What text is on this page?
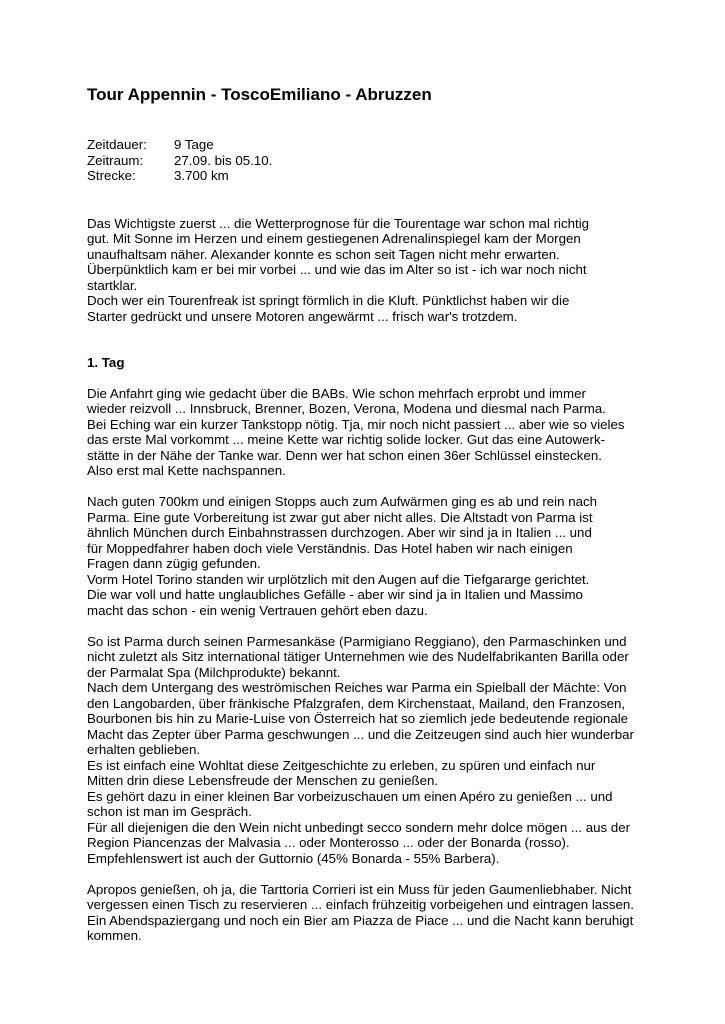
Tour Appennin - ToscoEmiliano - Abruzzen
Zeitdauer:	9 Tage
Zeitraum:	27.09. bis 05.10.
Strecke:	3.700 km

Das Wichtigste zuerst ... die Wetterprognose für die Tourentage war schon mal richtig
gut. Mit Sonne im Herzen und einem gestiegenen Adrenalinspiegel kam der Morgen
unaufhaltsam näher. Alexander konnte es schon seit Tagen nicht mehr erwarten.
Überpünktlich kam er bei mir vorbei ... und wie das im Alter so ist - ich war noch nicht
startklar.
Doch wer ein Tourenfreak ist springt förmlich in die Kluft. Pünktlichst haben wir die
Starter gedrückt und unsere Motoren angewärmt ... frisch war's trotzdem.

1. Tag

Die Anfahrt ging wie gedacht über die BABs. Wie schon mehrfach erprobt und immer
wieder reizvoll ... Innsbruck, Brenner, Bozen, Verona, Modena und diesmal nach Parma.
Bei Eching war ein kurzer Tankstopp nötig. Tja, mir noch nicht passiert ... aber wie so vieles
das erste Mal vorkommt ... meine Kette war richtig solide locker. Gut das eine Autowerk-
stätte in der Nähe der Tanke war. Denn wer hat schon einen 36er Schlüssel einstecken.
Also erst mal Kette nachspannen.

Nach guten 700km und einigen Stopps auch zum Aufwärmen ging es ab und rein nach
Parma. Eine gute Vorbereitung ist zwar gut aber nicht alles. Die Altstadt von Parma ist
ähnlich München durch Einbahnstrassen durchzogen. Aber wir sind ja in Italien ... und
für Moppedfahrer haben doch viele Verständnis. Das Hotel haben wir nach einigen
Fragen dann zügig gefunden.
Vorm Hotel Torino standen wir urplötzlich mit den Augen auf die Tiefgararge gerichtet.
Die war voll und hatte unglaubliches Gefälle - aber wir sind ja in Italien und Massimo
macht das schon - ein wenig Vertrauen gehört eben dazu.

So ist Parma durch seinen Parmesankäse (Parmigiano Reggiano), den Parmaschinken und
nicht zuletzt als Sitz international tätiger Unternehmen wie des Nudelfabrikanten Barilla oder
der Parmalat Spa (Milchprodukte) bekannt.
Nach dem Untergang des weströmischen Reiches war Parma ein Spielball der Mächte: Von
den Langobarden, über fränkische Pfalzgrafen, dem Kirchenstaat, Mailand, den Franzosen,
Bourbonen bis hin zu Marie-Luise von Österreich hat so ziemlich jede bedeutende regionale
Macht das Zepter über Parma geschwungen ... und die Zeitzeugen sind auch hier wunderbar
erhalten geblieben.
Es ist einfach eine Wohltat diese Zeitgeschichte zu erleben, zu spüren und einfach nur
Mitten drin diese Lebensfreude der Menschen zu genießen.
Es gehört dazu in einer kleinen Bar vorbeizuschauen um einen Apéro zu genießen ... und
schon ist man im Gespräch.
Für all diejenigen die den Wein nicht unbedingt secco sondern mehr dolce mögen ... aus der
Region Piancenzas der Malvasia ... oder Monterosso ... oder der Bonarda (rosso).
Empfehlenswert ist auch der Guttornio (45% Bonarda - 55% Barbera).

Apropos genießen, oh ja, die Tarttoria Corrieri ist ein Muss für jeden Gaumenliebhaber. Nicht
vergessen einen Tisch zu reservieren ... einfach frühzeitig vorbeigehen und eintragen lassen.
Ein Abendspaziergang und noch ein Bier am Piazza de Piace ... und die Nacht kann beruhigt
kommen.
